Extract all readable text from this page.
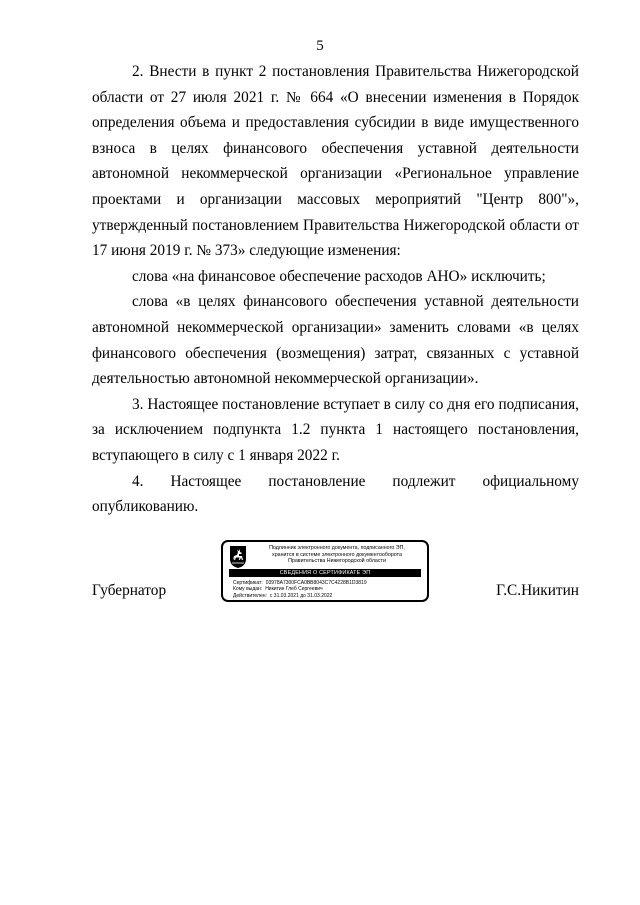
5

2. Внести в пункт 2 постановления Правительства Нижегородской области от 27 июля 2021 г. № 664 «О внесении изменения в Порядок определения объема и предоставления субсидии в виде имущественного взноса в целях финансового обеспечения уставной деятельности автономной некоммерческой организации «Региональное управление проектами и организации массовых мероприятий "Центр 800"», утвержденный постановлением Правительства Нижегородской области от 17 июня 2019 г. № 373» следующие изменения:

слова «на финансовое обеспечение расходов АНО» исключить;

слова «в целях финансового обеспечения уставной деятельности автономной некоммерческой организации» заменить словами «в целях финансового обеспечения (возмещения) затрат, связанных с уставной деятельностью автономной некоммерческой организации».

3. Настоящее постановление вступает в силу со дня его подписания, за исключением подпункта 1.2 пункта 1 настоящего постановления, вступающего в силу с 1 января 2022 г.

4. Настоящее постановление подлежит официальному

опубликованию.

Губернатор
Подлинник электронного документа, подписанного ЭП,
хранится в системе электронного документооборота
Правительства Нижегородской области
СВЕДЕНИЯ О СЕРТИФИКАТЕ ЭП
Сертификат: 03978A7300FCA0BB8043C7C4228B1D3819
Кому выдан: Никитин Глеб Сергеевич
Действителен: с 31.03.2021 до 31.03.2022	Г.С.Никитин
